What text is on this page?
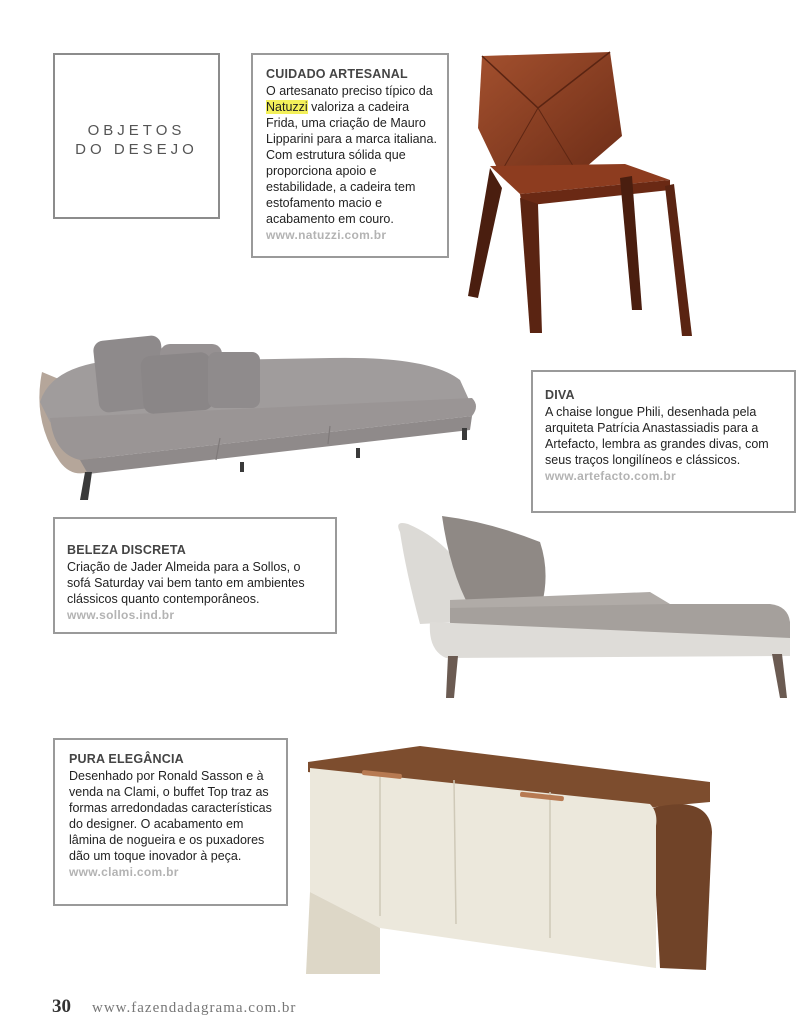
OBJETOS
DO DESEJO

CUIDADO ARTESANAL

O artesanato preciso típico da Natuzzi valoriza a cadeira Frida, uma criação de Mauro Lipparini para a marca italiana. Com estrutura sólida que proporciona apoio e estabilidade, a cadeira tem estofamento macio e acabamento em couro.

www.natuzzi.com.br

DIVA

A chaise longue Phili, desenhada pela arquiteta Patrícia Anastassiadis para a Artefacto, lembra as grandes divas, com seus traços longilíneos e clássicos.

www.artefacto.com.br

BELEZA DISCRETA

Criação de Jader Almeida para a Sollos, o sofá Saturday vai bem tanto em ambientes clássicos quanto contemporâneos.

www.sollos.ind.br

PURA ELEGÂNCIA

Desenhado por Ronald Sasson e à venda na Clami, o buffet Top traz as formas arredondadas características do designer. O acabamento em lâmina de nogueira e os puxadores dão um toque inovador à peça.

www.clami.com.br
30 www.fazendadagrama.com.br
